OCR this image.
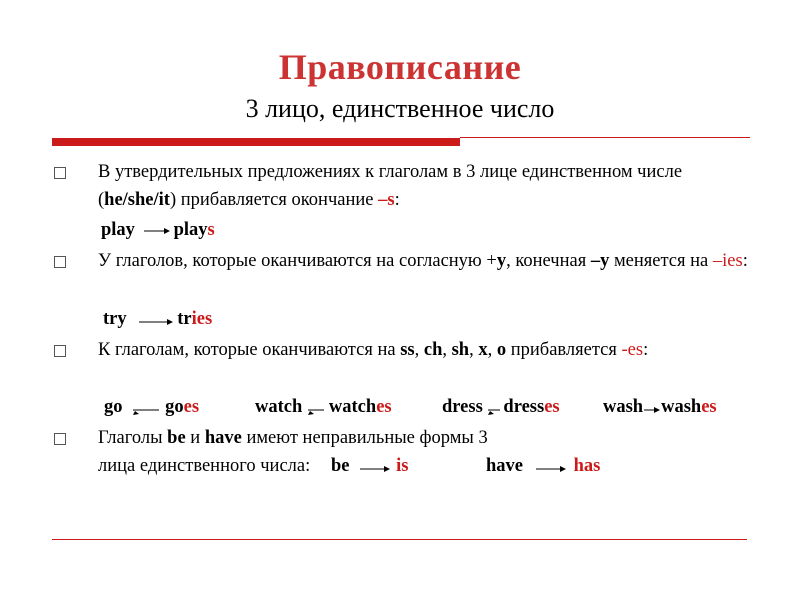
Правописание
3 лицо, единственное число
В утвердительных предложениях к глаголам в 3 лице единственном числе (he/she/it) прибавляется окончание –s:
play plays
У глаголов, которые оканчиваются на согласную +y, конечная –y меняется на –ies:
try	tries
К глаголам, которые оканчиваются на ss, ch, sh, x, o прибавляется -es:
go goes	watch watches	dress dresses wash washes
Глаголы be и have имеют неправильные формы 3 лица единственного числа:	be	is	have	has
